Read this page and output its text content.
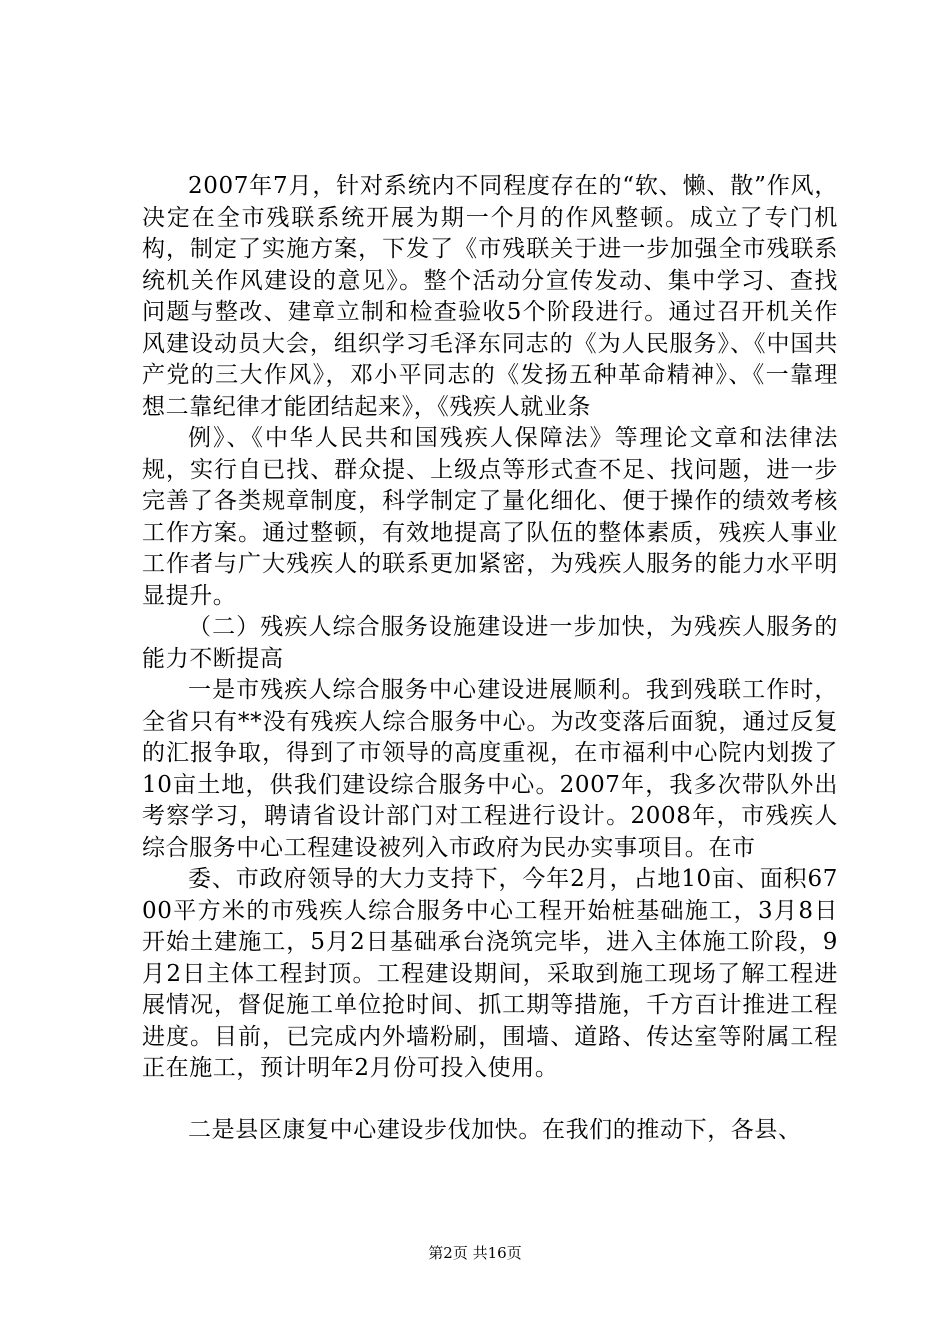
2007年7月，针对系统内不同程度存在的“软、懒、散”作风，决定在全市残联系统开展为期一个月的作风整顿。成立了专门机构，制定了实施方案，下发了《市残联关于进一步加强全市残联系统机关作风建设的意见》。整个活动分宣传发动、集中学习、查找问题与整改、建章立制和检查验收5个阶段进行。通过召开机关作风建设动员大会，组织学习毛泽东同志的《为人民服务》、《中国共产党的三大作风》，邓小平同志的《发扬五种革命精神》、《一靠理想二靠纪律才能团结起来》，《残疾人就业条

例》、《中华人民共和国残疾人保障法》等理论文章和法律法规，实行自已找、群众提、上级点等形式查不足、找问题，进一步完善了各类规章制度，科学制定了量化细化、便于操作的绩效考核工作方案。通过整顿，有效地提高了队伍的整体素质，残疾人事业工作者与广大残疾人的联系更加紧密，为残疾人服务的能力水平明显提升。

（二）残疾人综合服务设施建设进一步加快，为残疾人服务的能力不断提高

一是市残疾人综合服务中心建设进展顺利。我到残联工作时，全省只有**没有残疾人综合服务中心。为改变落后面貌，通过反复的汇报争取，得到了市领导的高度重视，在市福利中心院内划拨了10亩土地，供我们建设综合服务中心。2007年，我多次带队外出考察学习，聘请省设计部门对工程进行设计。2008年，市残疾人综合服务中心工程建设被列入市政府为民办实事项目。在市

委、市政府领导的大力支持下，今年2月，占地10亩、面积6700平方米的市残疾人综合服务中心工程开始桩基础施工，3月8日开始土建施工，5月2日基础承台浇筑完毕，进入主体施工阶段，9月2日主体工程封顶。工程建设期间，采取到施工现场了解工程进展情况，督促施工单位抢时间、抓工期等措施，千方百计推进工程进度。目前，已完成内外墙粉刷，围墙、道路、传达室等附属工程正在施工，预计明年2月份可投入使用。

二是县区康复中心建设步伐加快。在我们的推动下，各县、

第2页 共16页
